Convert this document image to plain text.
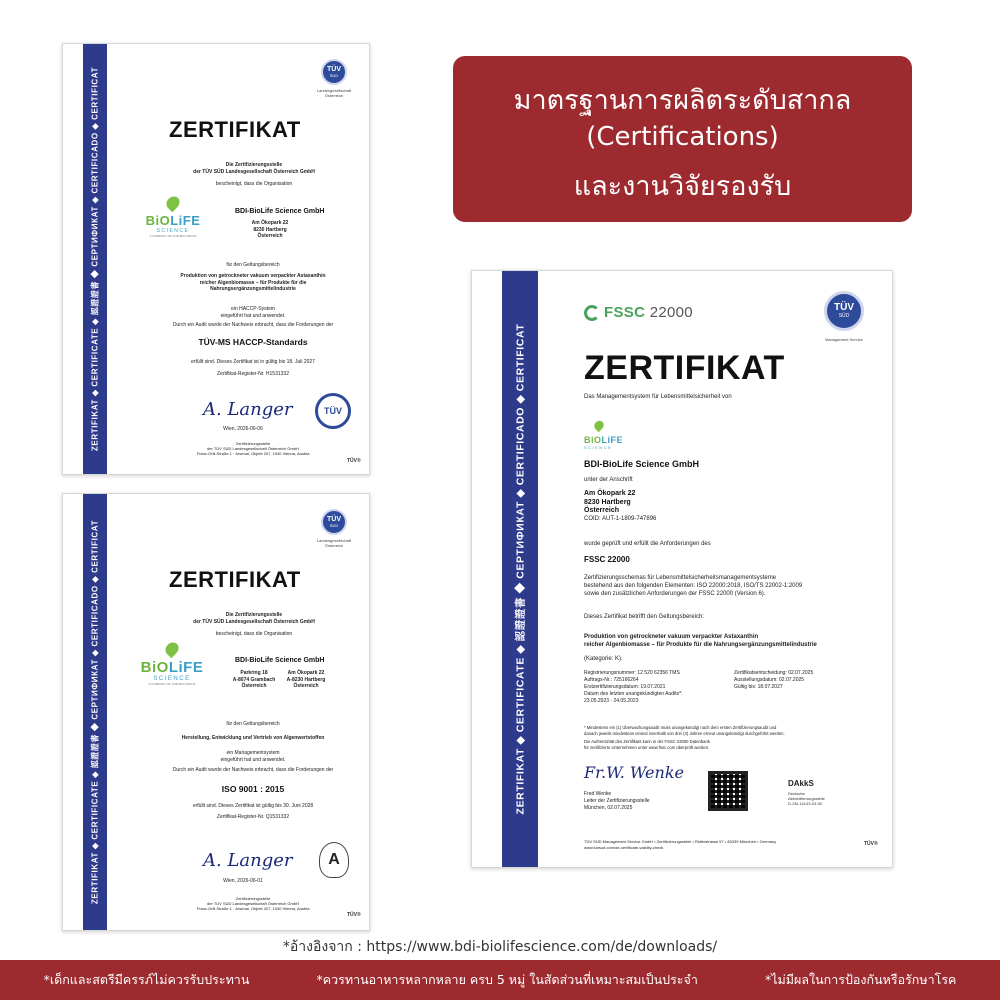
ZERTIFIKAT ◆ CERTIFICATE ◆ 認證證書 ◆ СЕРТИФИКАТ ◆ CERTIFICADO ◆ CERTIFICAT	TÜV
SÜD
Landesgesellschaft
Österreich
ZERTIFIKAT
Die Zertifizierungsstelle
der TÜV SÜD Landesgesellschaft Österreich GmbH
bescheinigt, dass die Organisation
BiOLiFE
SCIENCE
A COMPANY OF THE BDI GROUP
BDI-BioLife Science GmbH
Am Ökopark 22
8230 Hartberg
Österreich
für den Geltungsbereich
Produktion von getrockneter vakuum verpackter Astaxanthin
reicher Algenbiomasse – für Produkte für die
Nahrungsergänzungsmittelindustrie
ein HACCP-System
eingeführt hat und anwendet.
Durch ein Audit wurde der Nachweis erbracht, dass die Forderungen der
TÜV-MS HACCP-Standards
erfüllt sind. Dieses Zertifikat ist in gültig bis 18. Juli 2027
Zertifikat-Register-Nr. H1531332
A. Langer
Wien, 2026-06-06
TÜV
Zertifizierungsstelle
der TÜV SÜD Landesgesellschaft Österreich GmbH
Franz-Grill-Straße 1 · Arsenal, Objekt 207, 1030 Vienna, Austria
TÜV®
ZERTIFIKAT ◆ CERTIFICATE ◆ 認證證書 ◆ СЕРТИФИКАТ ◆ CERTIFICADO ◆ CERTIFICAT
TÜV
SÜD
Landesgesellschaft
Österreich
ZERTIFIKAT
Die Zertifizierungsstelle
der TÜV SÜD Landesgesellschaft Österreich GmbH
bescheinigt, dass die Organisation
BiOLiFE
SCIENCE
A COMPANY OF THE BDI GROUP
BDI-BioLife Science GmbH
Parkring 18
A-8074 Grambach
Österreich
Am Ökopark 22
A-8230 Hartberg
Österreich
für den Geltungsbereich
Herstellung, Entwicklung und Vertrieb von Algenwertstoffen
ein Managementsystem
eingeführt hat und anwendet.
Durch ein Audit wurde der Nachweis erbracht, dass die Forderungen der
ISO 9001 : 2015
erfüllt sind. Dieses Zertifikat ist gültig bis 30. Juni 2028
Zertifikat-Register-Nr. Q1531332
A. Langer
Wien, 2026-06-01
A
Zertifizierungsstelle
der TÜV SÜD Landesgesellschaft Österreich GmbH
Franz-Grill-Straße 1 · Arsenal, Objekt 207, 1030 Vienna, Austria
TÜV®
ZERTIFIKAT ◆ CERTIFICATE ◆ 認證證書 ◆ СЕРТИФИКАТ ◆ CERTIFICADO ◆ CERTIFICAT
FSSC 22000	TÜV
SÜD
Management Service
ZERTIFIKAT
Das Managementsystem für Lebensmittelsicherheit von
BiOLiFE
SCIENCE
BDI-BioLife Science GmbH
unter der Anschrift
Am Ökopark 22
8230 Hartberg
Österreich
COID: AUT-1-1809-747896
wurde geprüft und erfüllt die Anforderungen des
FSSC 22000
Zertifizierungsschemas für Lebensmittelsicherheitsmanagementsysteme
bestehend aus den folgenden Elementen: ISO 22000:2018, ISO/TS 22002-1:2009
sowie den zusätzlichen Anforderungen der FSSC 22000 (Version 6).
Dieses Zertifikat betrifft den Geltungsbereich:
Produktion von getrockneter vakuum verpackter Astaxanthin
reicher Algenbiomasse – für Produkte für die Nahrungsergänzungsmittelindustrie
(Kategorie: K).
Registrierungsnummer: 12 520 62356 TMS
Auftrags-Nr.: 725166264
Erstzertifizierungsdatum: 19.07.2021
Datum des letzten unangekündigten Audits*:
23.05.2023 - 24.05.2023
Zertifikatsentscheidung: 02.07.2025
Ausstellungsdatum: 02.07.2025
Gültig bis: 18.07.2027
* Mindestens ein (1) Überwachungsaudit muss unangekündigt nach dem ersten Zertifizierungsaudit und
danach jeweils mindestens einmal innerhalb von drei (3) Jahren erneut unangekündigt durchgeführt werden.
Die Authentizität des Zertifikats kann in der FSSC 22000 Datenbank
für zertifizierte Unternehmen unter www.fssc.com überprüft werden.
Fr.W. Wenke
Fred Wenke
Leiter der Zertifizierungsstelle
München, 02.07.2025
DAkkS
Deutsche
Akkreditierungsstelle
D-ZM-14143-03-00
TÜV SÜD Management Service GmbH • Zertifizierungsstelle • Ridlerstrasse 57 • 80339 München • Germany
www.tuvsud.com/de-certificate-validity-check	TÜV®
มาตรฐานการผลิตระดับสากล
(Certifications)
และงานวิจัยรองรับ
*อ้างอิงจาก : https://www.bdi-biolifescience.com/de/downloads/
*เด็กและสตรีมีครรภ์ไม่ควรรับประทาน	*ควรทานอาหารหลากหลาย ครบ 5 หมู่ ในสัดส่วนที่เหมาะสมเป็นประจำ	*ไม่มีผลในการป้องกันหรือรักษาโรค
